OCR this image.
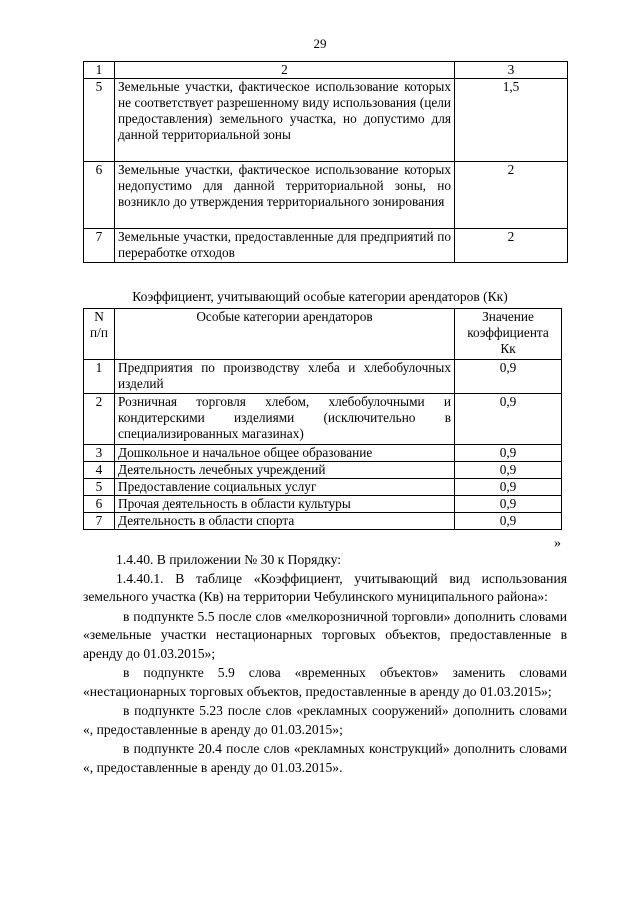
29
1	2	3
5	Земельные участки, фактическое использование которых не соответствует разрешенному виду использования (цели предоставления) земельного участка, но допустимо для данной территориальной зоны	1,5
6	Земельные участки, фактическое использование которых недопустимо для данной территориальной зоны, но возникло до утверждения территориального зонирования	2
7	Земельные участки, предоставленные для предприятий по переработке отходов	2
Коэффициент, учитывающий особые категории арендаторов (Кк)
N п/п	Особые категории арендаторов	Значение коэффициента Кк
1	Предприятия по производству хлеба и хлебобулочных изделий	0,9
2	Розничная торговля хлебом, хлебобулочными и кондитерскими изделиями (исключительно в специализированных магазинах)	0,9
3	Дошкольное и начальное общее образование	0,9
4	Деятельность лечебных учреждений	0,9
5	Предоставление социальных услуг	0,9
6	Прочая деятельность в области культуры	0,9
7	Деятельность в области спорта	0,9
»

1.4.40. В приложении № 30 к Порядку:

1.4.40.1. В таблице «Коэффициент, учитывающий вид использования земельного участка (Кв) на территории Чебулинского муниципального района»:

в подпункте 5.5 после слов «мелкорозничной торговли» дополнить словами «земельные участки нестационарных торговых объектов, предоставленные в аренду до 01.03.2015»;

в подпункте 5.9 слова «временных объектов» заменить словами «нестационарных торговых объектов, предоставленные в аренду до 01.03.2015»;

в подпункте 5.23 после слов «рекламных сооружений» дополнить словами «, предоставленные в аренду до 01.03.2015»;

в подпункте 20.4 после слов «рекламных конструкций» дополнить словами «, предоставленные в аренду до 01.03.2015».
